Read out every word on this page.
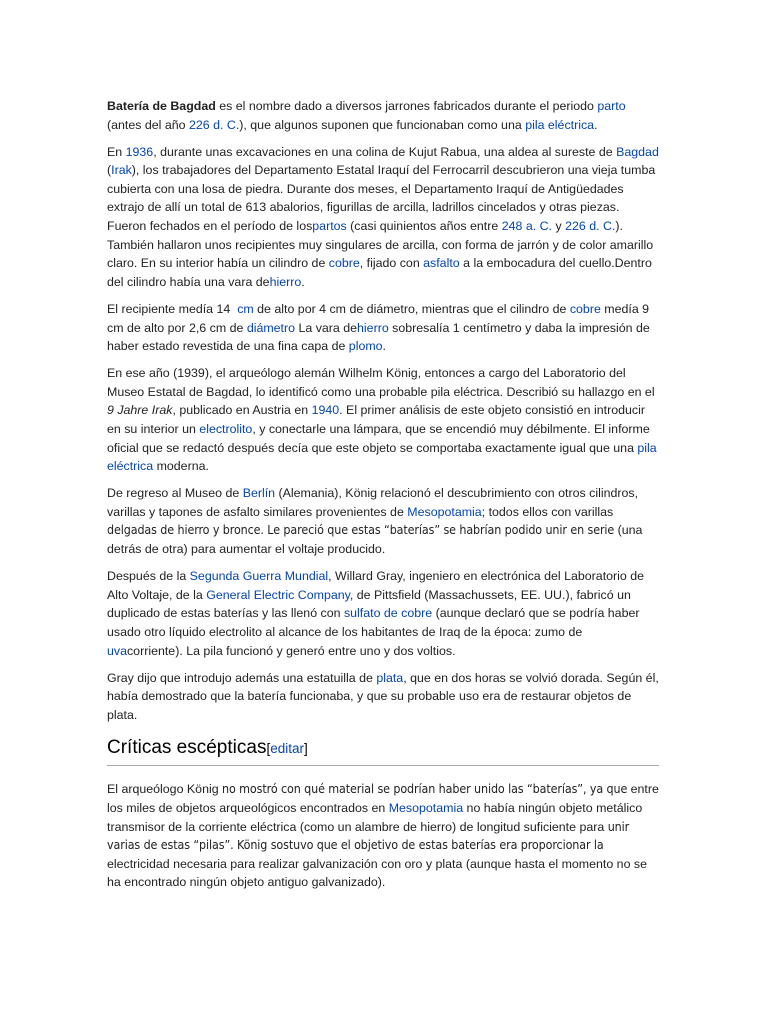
Batería de Bagdad es el nombre dado a diversos jarrones fabricados durante el periodo parto (antes del año 226 d. C.), que algunos suponen que funcionaban como una pila eléctrica.

En 1936, durante unas excavaciones en una colina de Kujut Rabua, una aldea al sureste de Bagdad (Irak), los trabajadores del Departamento Estatal Iraquí del Ferrocarril descubrieron una vieja tumba cubierta con una losa de piedra. Durante dos meses, el Departamento Iraquí de Antigüedades extrajo de allí un total de 613 abalorios, figurillas de arcilla, ladrillos cincelados y otras piezas. Fueron fechados en el período de lospartos (casi quinientos años entre 248 a. C. y 226 d. C.). También hallaron unos recipientes muy singulares de arcilla, con forma de jarrón y de color amarillo claro. En su interior había un cilindro de cobre, fijado con asfalto a la embocadura del cuello.Dentro del cilindro había una vara dehierro.

El recipiente medía 14  cm de alto por 4 cm de diámetro, mientras que el cilindro de cobre medía 9 cm de alto por 2,6 cm de diámetro La vara dehierro sobresalía 1 centímetro y daba la impresión de haber estado revestida de una fina capa de plomo.

En ese año (1939), el arqueólogo alemán Wilhelm König, entonces a cargo del Laboratorio del Museo Estatal de Bagdad, lo identificó como una probable pila eléctrica. Describió su hallazgo en el 9 Jahre Irak, publicado en Austria en 1940. El primer análisis de este objeto consistió en introducir en su interior un electrolito, y conectarle una lámpara, que se encendió muy débilmente. El informe oficial que se redactó después decía que este objeto se comportaba exactamente igual que una pila eléctrica moderna.

De regreso al Museo de Berlín (Alemania), König relacionó el descubrimiento con otros cilindros, varillas y tapones de asfalto similares provenientes de Mesopotamia; todos ellos con varillas delgadas de hierro y bronce. Le pareció que estas “baterías” se habrían podido unir en serie (una detrás de otra) para aumentar el voltaje producido.

Después de la Segunda Guerra Mundial, Willard Gray, ingeniero en electrónica del Laboratorio de Alto Voltaje, de la General Electric Company, de Pittsfield (Massachussets, EE. UU.), fabricó un duplicado de estas baterías y las llenó con sulfato de cobre (aunque declaró que se podría haber usado otro líquido electrolito al alcance de los habitantes de Iraq de la época: zumo de uvacorriente). La pila funcionó y generó entre uno y dos voltios.

Gray dijo que introdujo además una estatuilla de plata, que en dos horas se volvió dorada. Según él, había demostrado que la batería funcionaba, y que su probable uso era de restaurar objetos de plata.

Críticas escépticas[editar]

El arqueólogo König no mostró con qué material se podrían haber unido las “baterías”, ya que entre los miles de objetos arqueológicos encontrados en Mesopotamia no había ningún objeto metálico transmisor de la corriente eléctrica (como un alambre de hierro) de longitud suficiente para unir varias de estas “pilas”. König sostuvo que el objetivo de estas baterías era proporcionar la electricidad necesaria para realizar galvanización con oro y plata (aunque hasta el momento no se ha encontrado ningún objeto antiguo galvanizado).
